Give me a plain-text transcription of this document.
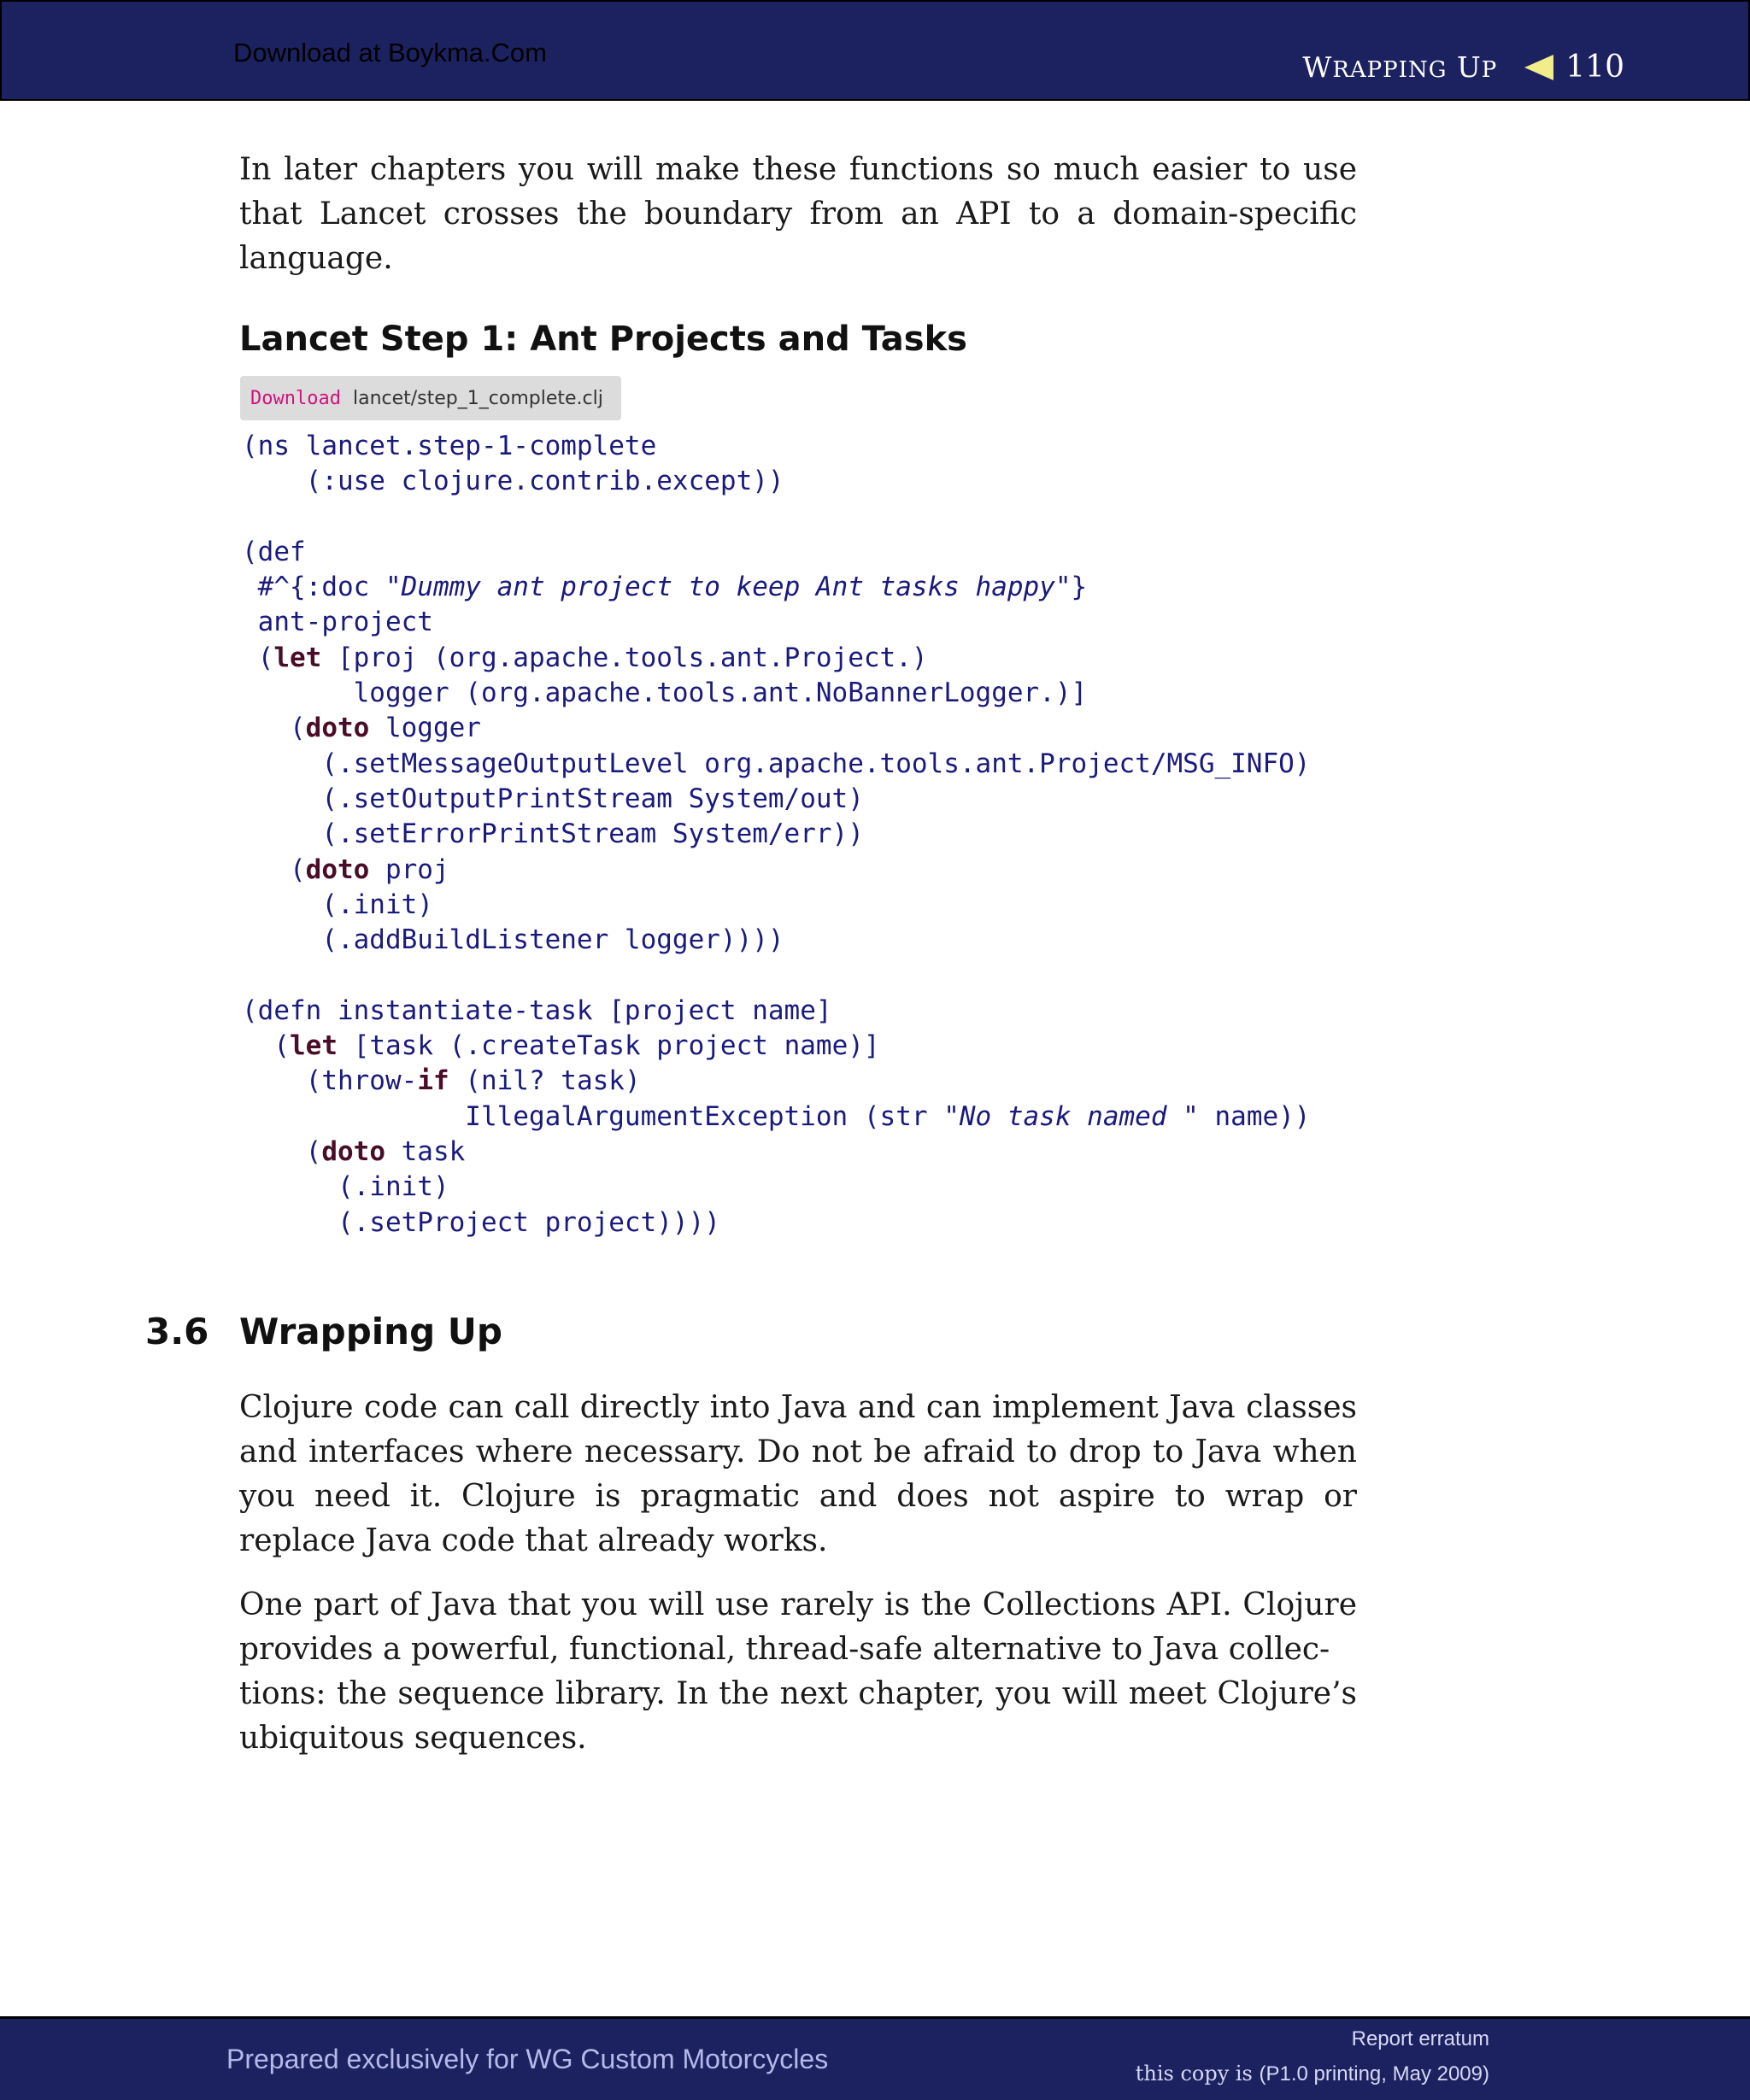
Download at Boykma.Com	WRAPPING UP 110

In later chapters you will make these functions so much easier to use that Lancet crosses the boundary from an API to a domain-specific language.

Lancet Step 1: Ant Projects and Tasks
Download lancet/step_1_complete.clj
(ns lancet.step-1-complete
(:use clojure.contrib.except))

(def
#^{:doc "Dummy ant project to keep Ant tasks happy"}
ant-project
(let [proj (org.apache.tools.ant.Project.)
logger (org.apache.tools.ant.NoBannerLogger.)]
(doto logger
(.setMessageOutputLevel org.apache.tools.ant.Project/MSG_INFO)
(.setOutputPrintStream System/out)
(.setErrorPrintStream System/err))
(doto proj
(.init)
(.addBuildListener logger))))

(defn instantiate-task [project name]
(let [task (.createTask project name)]
(throw-if (nil? task)
IllegalArgumentException (str "No task named " name))
(doto task
(.init)
(.setProject project))))
3.6 Wrapping Up

Clojure code can call directly into Java and can implement Java classes and interfaces where necessary. Do not be afraid to drop to Java when you need it. Clojure is pragmatic and does not aspire to wrap or replace Java code that already works.

One part of Java that you will use rarely is the Collections API. Clojure provides a powerful, functional, thread-safe alternative to Java collec-
tions: the sequence library. In the next chapter, you will meet Clojure’s ubiquitous sequences.

Prepared exclusively for WG Custom Motorcycles
Report erratum
this copy is (P1.0 printing, May 2009)
